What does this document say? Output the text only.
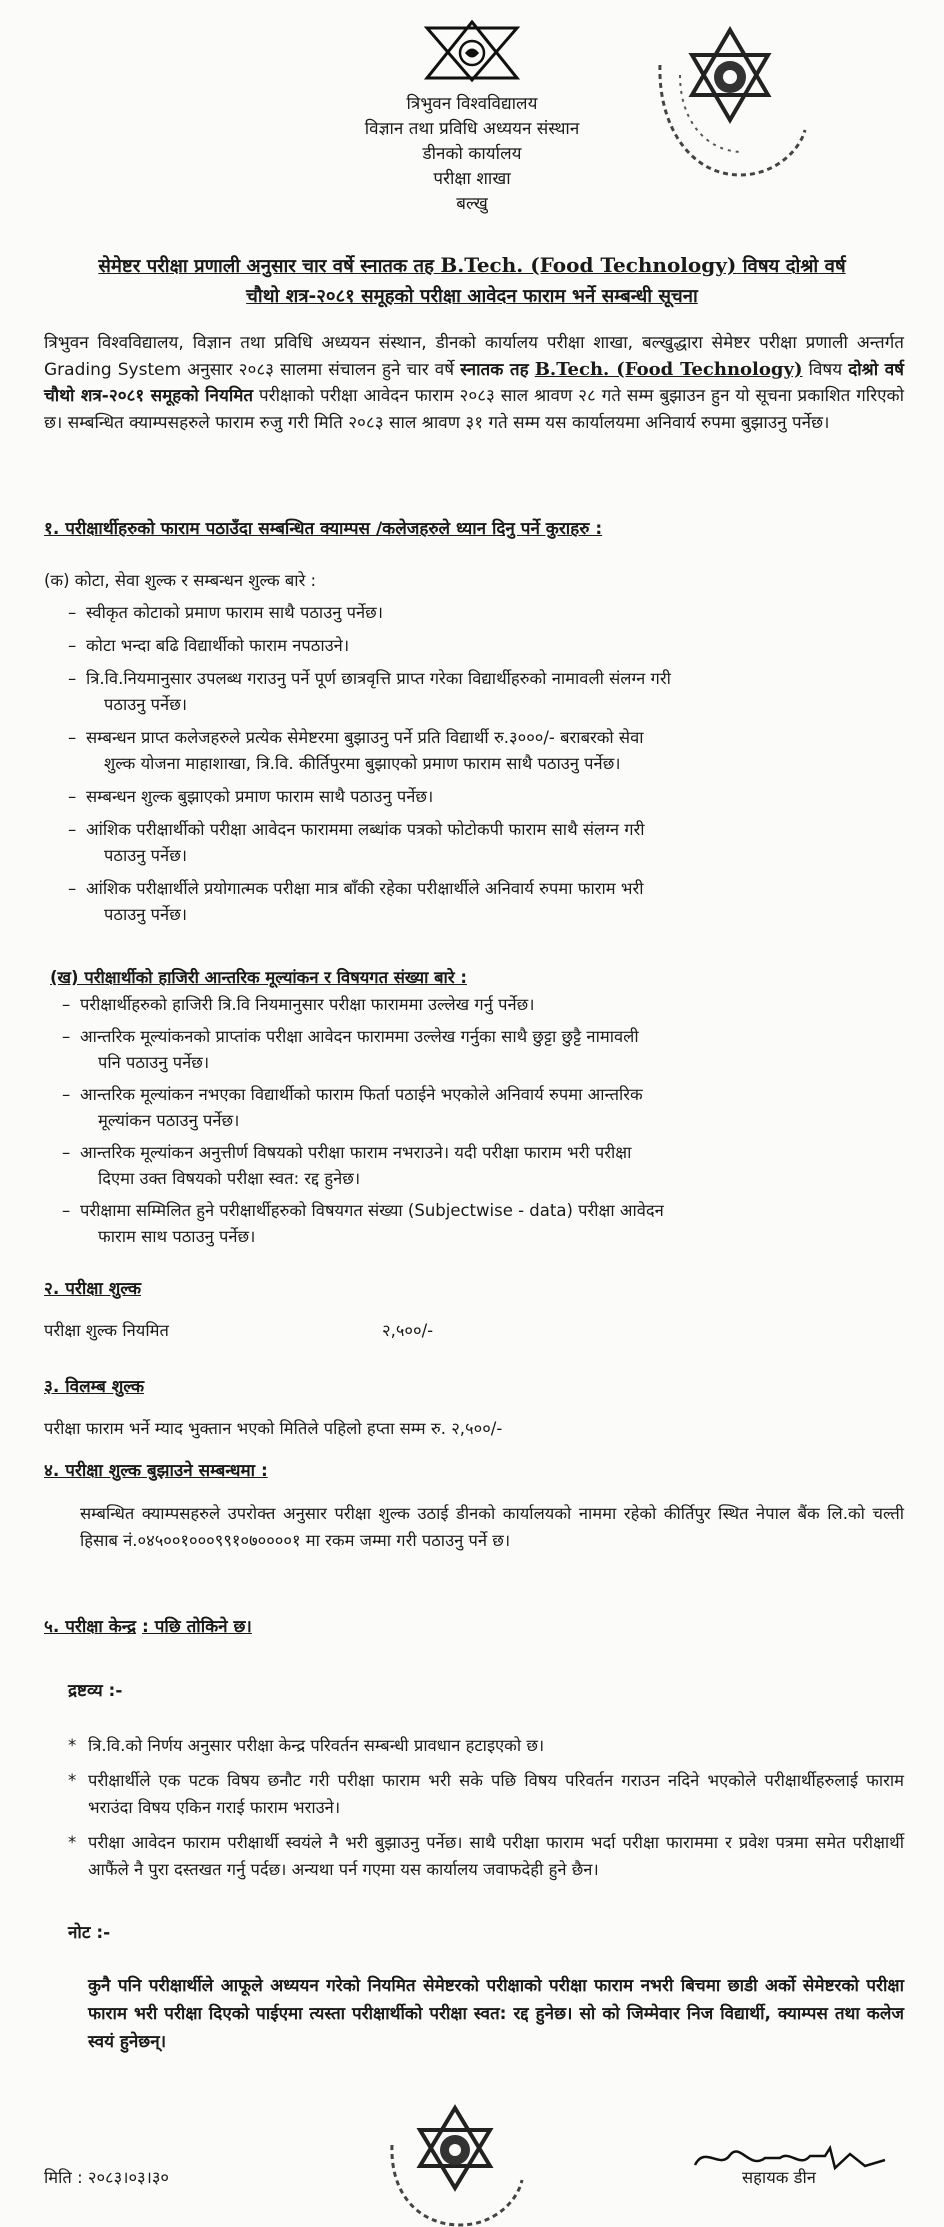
त्रिभुवन विश्वविद्यालय
विज्ञान तथा प्रविधि अध्ययन संस्थान
डीनको कार्यालय
परीक्षा शाखा
बल्खु
सेमेष्टर परीक्षा प्रणाली अनुसार चार वर्षे स्नातक तह B.Tech. (Food Technology) विषय दोश्रो वर्ष
चौथो शत्र-२०८१ समूहको परीक्षा आवेदन फाराम भर्ने सम्बन्धी सूचना
त्रिभुवन विश्वविद्यालय, विज्ञान तथा प्रविधि अध्ययन संस्थान, डीनको कार्यालय परीक्षा शाखा, बल्खुद्धारा सेमेष्टर परीक्षा प्रणाली अन्तर्गत Grading System अनुसार २०८३ सालमा संचालन हुने चार वर्षे स्नातक तह B.Tech. (Food Technology) विषय दोश्रो वर्ष चौथो शत्र-२०८१ समूहको नियमित परीक्षाको परीक्षा आवेदन फाराम २०८३ साल श्रावण २८ गते सम्म बुझाउन हुन यो सूचना प्रकाशित गरिएको छ। सम्बन्धित क्याम्पसहरुले फाराम रुजु गरी मिति २०८३ साल श्रावण ३१ गते सम्म यस कार्यालयमा अनिवार्य रुपमा बुझाउनु पर्नेछ।
१. परीक्षार्थीहरुको फाराम पठाउँदा सम्बन्धित क्याम्पस /कलेजहरुले ध्यान दिनु पर्ने कुराहरु :
(क) कोटा, सेवा शुल्क र सम्बन्धन शुल्क बारे :
– स्वीकृत कोटाको प्रमाण फाराम साथै पठाउनु पर्नेछ।
– कोटा भन्दा बढि विद्यार्थीको फाराम नपठाउने।
– त्रि.वि.नियमानुसार उपलब्ध गराउनु पर्ने पूर्ण छात्रवृत्ति प्राप्त गरेका विद्यार्थीहरुको नामावली संलग्न गरी
पठाउनु पर्नेछ।
– सम्बन्धन प्राप्त कलेजहरुले प्रत्येक सेमेष्टरमा बुझाउनु पर्ने प्रति विद्यार्थी रु.३०००/- बराबरको सेवा
शुल्क योजना माहाशाखा, त्रि.वि. कीर्तिपुरमा बुझाएको प्रमाण फाराम साथै पठाउनु पर्नेछ।
– सम्बन्धन शुल्क बुझाएको प्रमाण फाराम साथै पठाउनु पर्नेछ।
– आंशिक परीक्षार्थीको परीक्षा आवेदन फाराममा लब्धांक पत्रको फोटोकपी फाराम साथै संलग्न गरी
पठाउनु पर्नेछ।
– आंशिक परीक्षार्थीले प्रयोगात्मक परीक्षा मात्र बाँकी रहेका परीक्षार्थीले अनिवार्य रुपमा फाराम भरी
पठाउनु पर्नेछ।
(ख) परीक्षार्थीको हाजिरी आन्तरिक मूल्यांकन र विषयगत संख्या बारे :
– परीक्षार्थीहरुको हाजिरी त्रि.वि नियमानुसार परीक्षा फाराममा उल्लेख गर्नु पर्नेछ।
– आन्तरिक मूल्यांकनको प्राप्तांक परीक्षा आवेदन फाराममा उल्लेख गर्नुका साथै छुट्टा छुट्टै नामावली
पनि पठाउनु पर्नेछ।
– आन्तरिक मूल्यांकन नभएका विद्यार्थीको फाराम फिर्ता पठाईने भएकोले अनिवार्य रुपमा आन्तरिक
मूल्यांकन पठाउनु पर्नेछ।
– आन्तरिक मूल्यांकन अनुत्तीर्ण विषयको परीक्षा फाराम नभराउने। यदी परीक्षा फाराम भरी परीक्षा
दिएमा उक्त विषयको परीक्षा स्वत: रद्द हुनेछ।
– परीक्षामा सम्मिलित हुने परीक्षार्थीहरुको विषयगत संख्या (Subjectwise - data) परीक्षा आवेदन
फाराम साथ पठाउनु पर्नेछ।
२. परीक्षा शुल्क
परीक्षा शुल्क नियमित	२,५००/-
३. विलम्ब शुल्क
परीक्षा फाराम भर्ने म्याद भुक्तान भएको मितिले पहिलो हप्ता सम्म रु. २,५००/-
४. परीक्षा शुल्क बुझाउने सम्बन्धमा :
सम्बन्धित क्याम्पसहरुले उपरोक्त अनुसार परीक्षा शुल्क उठाई डीनको कार्यालयको नाममा रहेको कीर्तिपुर स्थित नेपाल बैंक लि.को चल्ती हिसाब नं.०४५००१०००९९१०७००००१ मा रकम जम्मा गरी पठाउनु पर्ने छ।
५. परीक्षा केन्द्र : पछि तोकिने छ।
द्रष्टव्य :-
* त्रि.वि.को निर्णय अनुसार परीक्षा केन्द्र परिवर्तन सम्बन्धी प्रावधान हटाइएको छ।
* परीक्षार्थीले एक पटक विषय छनौट गरी परीक्षा फाराम भरी सके पछि विषय परिवर्तन गराउन नदिने भएकोले परीक्षार्थीहरुलाई फाराम भराउंदा विषय एकिन गराई फाराम भराउने।
* परीक्षा आवेदन फाराम परीक्षार्थी स्वयंले नै भरी बुझाउनु पर्नेछ। साथै परीक्षा फाराम भर्दा परीक्षा फाराममा र प्रवेश पत्रमा समेत परीक्षार्थी आफैंले नै पुरा दस्तखत गर्नु पर्दछ। अन्यथा पर्न गएमा यस कार्यालय जवाफदेही हुने छैन।
नोट :-
कुनै पनि परीक्षार्थीले आफूले अध्ययन गरेको नियमित सेमेष्टरको परीक्षाको परीक्षा फाराम नभरी बिचमा छाडी अर्को सेमेष्टरको परीक्षा फाराम भरी परीक्षा दिएको पाईएमा त्यस्ता परीक्षार्थीको परीक्षा स्वत: रद्द हुनेछ। सो को जिम्मेवार निज विद्यार्थी, क्याम्पस तथा कलेज स्वयं हुनेछन्।
मिति : २०८३।०३।३०	सहायक डीन
